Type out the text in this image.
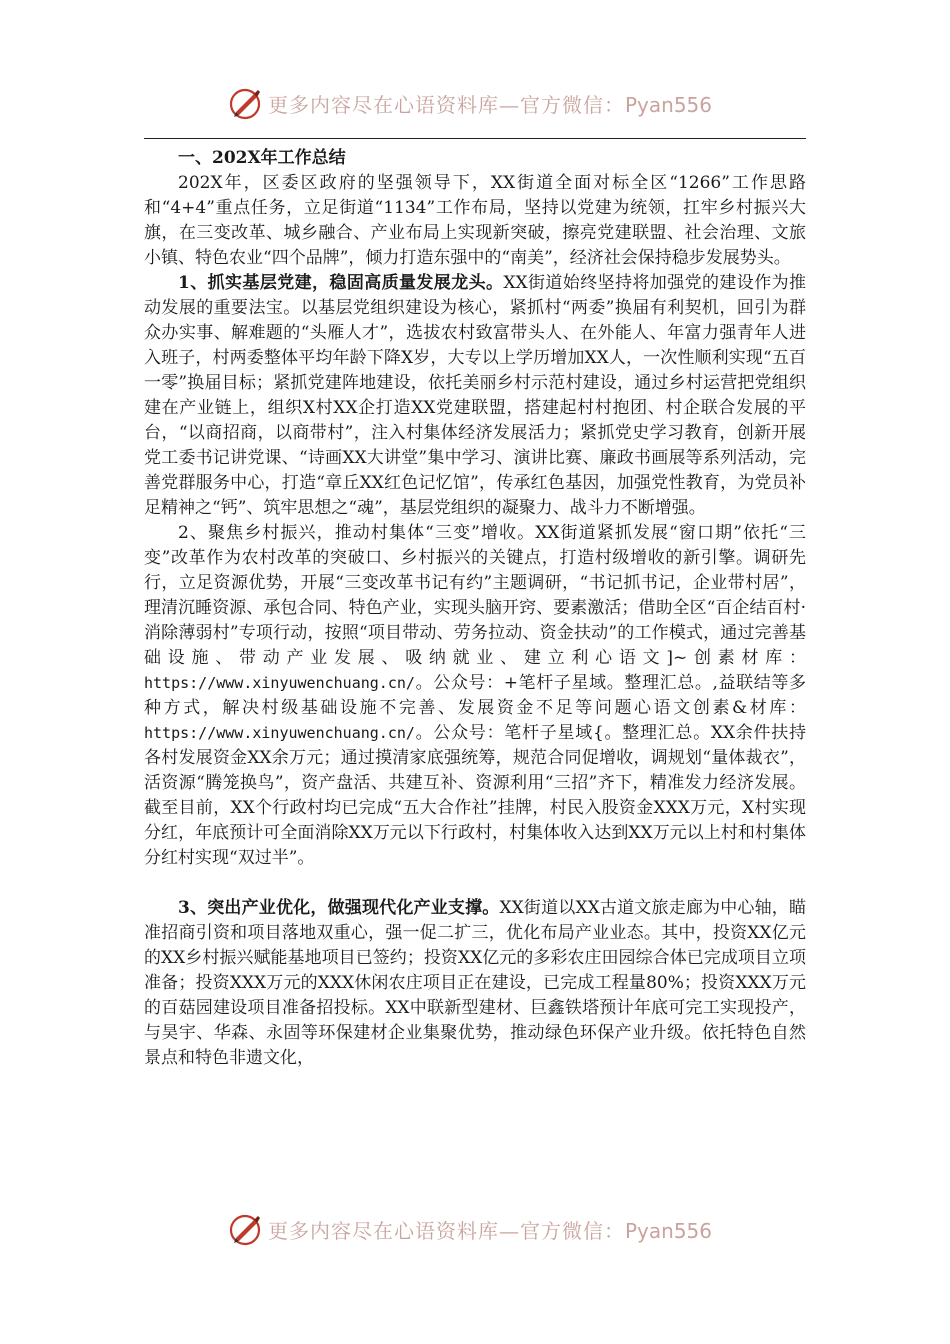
更多内容尽在心语资料库—官方微信：Pyan556

一、202X年工作总结

202X年，区委区政府的坚强领导下，XX街道全面对标全区“1266”工作思路和“4+4”重点任务，立足街道“1134”工作布局，坚持以党建为统领，扛牢乡村振兴大旗，在三变改革、城乡融合、产业布局上实现新突破，擦亮党建联盟、社会治理、文旅小镇、特色农业“四个品牌”，倾力打造东强中的“南美”，经济社会保持稳步发展势头。

1、抓实基层党建，稳固高质量发展龙头。XX街道始终坚持将加强党的建设作为推动发展的重要法宝。以基层党组织建设为核心，紧抓村“两委”换届有利契机，回引为群众办实事、解难题的“头雁人才”，选拔农村致富带头人、在外能人、年富力强青年人进入班子，村两委整体平均年龄下降X岁，大专以上学历增加XX人，一次性顺利实现“五百一零”换届目标；紧抓党建阵地建设，依托美丽乡村示范村建设，通过乡村运营把党组织建在产业链上，组织X村XX企打造XX党建联盟，搭建起村村抱团、村企联合发展的平台，“以商招商，以商带村”，注入村集体经济发展活力；紧抓党史学习教育，创新开展党工委书记讲党课、“诗画XX大讲堂”集中学习、演讲比赛、廉政书画展等系列活动，完善党群服务中心，打造“章丘XX红色记忆馆”，传承红色基因，加强党性教育，为党员补足精神之“钙”、筑牢思想之“魂”，基层党组织的凝聚力、战斗力不断增强。

2、聚焦乡村振兴，推动村集体“三变”增收。XX街道紧抓发展“窗口期”依托“三变”改革作为农村改革的突破口、乡村振兴的关键点，打造村级增收的新引擎。调研先行，立足资源优势，开展“三变改革书记有约”主题调研，“书记抓书记，企业带村居”，理清沉睡资源、承包合同、特色产业，实现头脑开窍、要素激活；借助全区“百企结百村·消除薄弱村”专项行动，按照“项目带动、劳务拉动、资金扶动”的工作模式，通过完善基础设施、带动产业发展、吸纳就业、建立利心语文]~创素材库：https://www.xinyuwenchuang.cn/。公众号：+笔杆子星域。整理汇总。,益联结等多种方式，解决村级基础设施不完善、发展资金不足等问题心语文创素&材库：https://www.xinyuwenchuang.cn/。公众号：笔杆子星域{。整理汇总。XX余件扶持各村发展资金XX余万元；通过摸清家底强统筹，规范合同促增收，调规划“量体裁衣”，活资源“腾笼换鸟”，资产盘活、共建互补、资源利用“三招”齐下，精准发力经济发展。截至目前，XX个行政村均已完成“五大合作社”挂牌，村民入股资金XXX万元，X村实现分红，年底预计可全面消除XX万元以下行政村，村集体收入达到XX万元以上村和村集体分红村实现“双过半”。

3、突出产业优化，做强现代化产业支撑。XX街道以XX古道文旅走廊为中心轴，瞄准招商引资和项目落地双重心，强一促二扩三，优化布局产业业态。其中，投资XX亿元的XX乡村振兴赋能基地项目已签约；投资XX亿元的多彩农庄田园综合体已完成项目立项准备；投资XXX万元的XXX休闲农庄项目正在建设，已完成工程量80%；投资XXX万元的百菇园建设项目准备招投标。XX中联新型建材、巨鑫铁塔预计年底可完工实现投产，与昊宇、华森、永固等环保建材企业集聚优势，推动绿色环保产业升级。依托特色自然景点和特色非遗文化，

更多内容尽在心语资料库—官方微信：Pyan556
